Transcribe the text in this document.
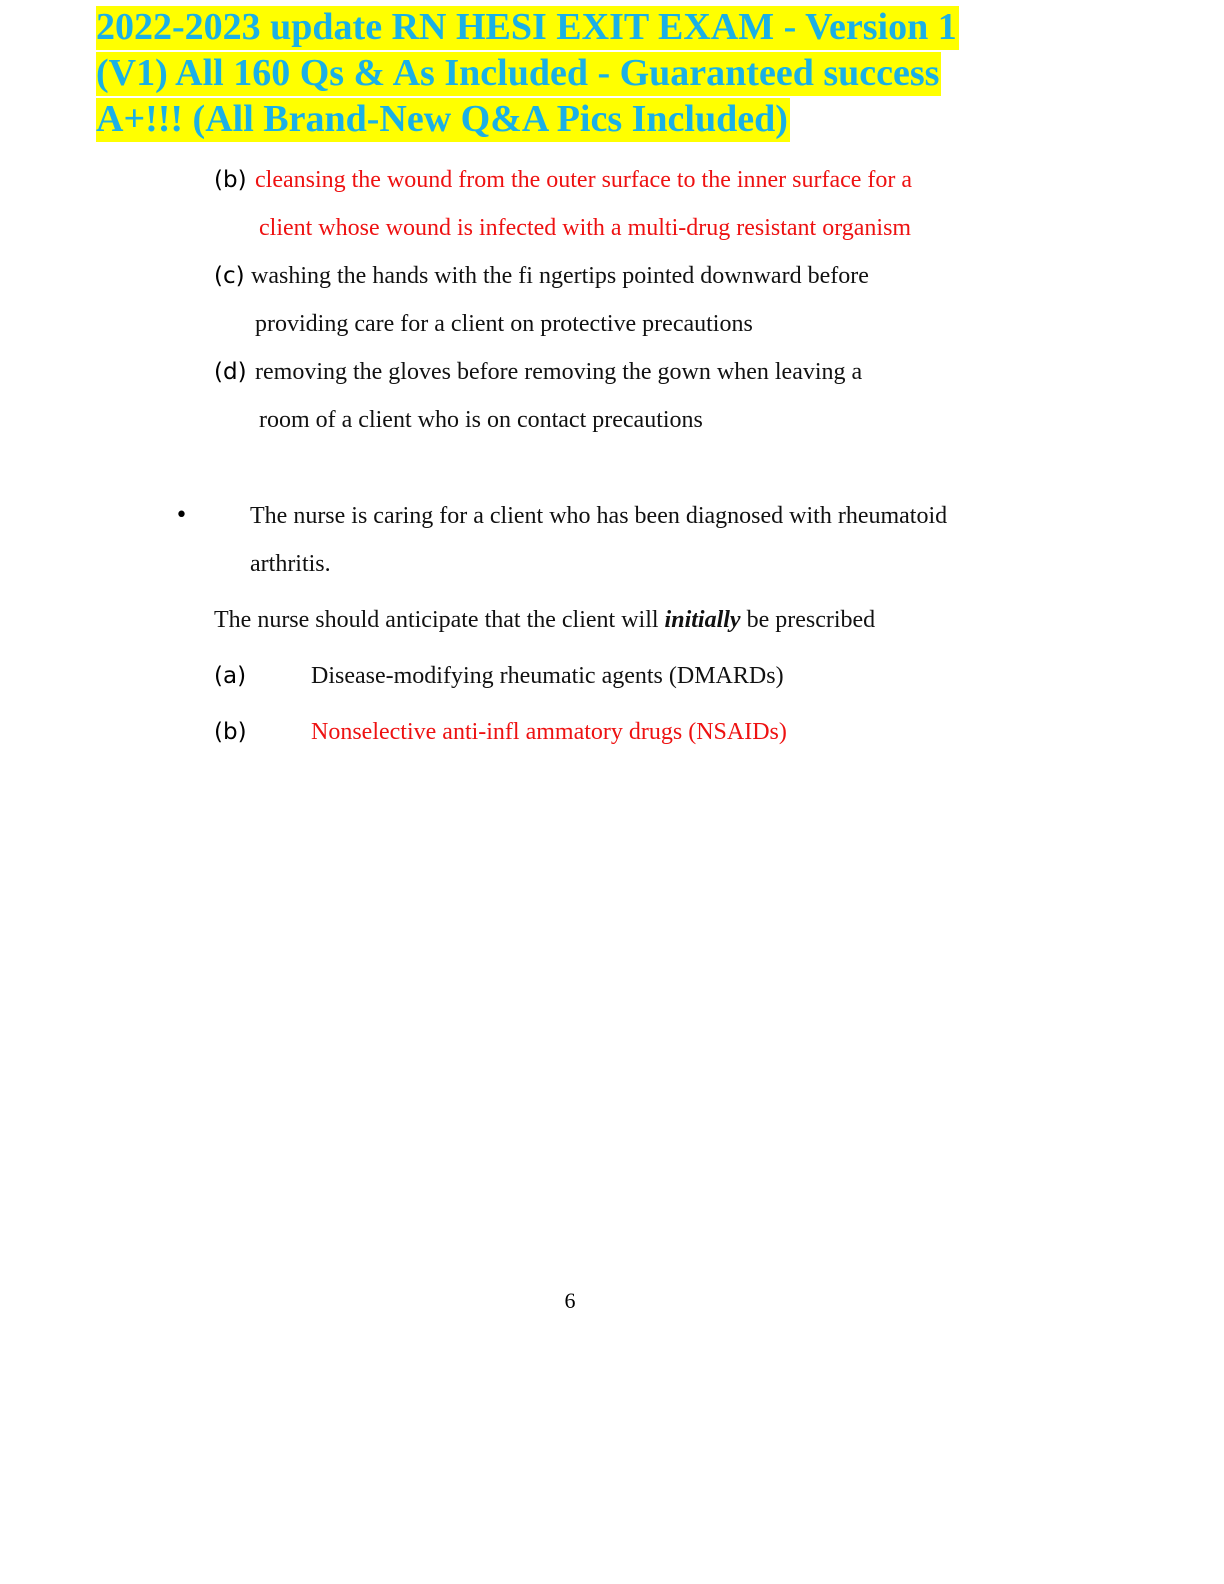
2022-2023 update RN HESI EXIT EXAM - Version 1
(V1) All 160 Qs & As Included - Guaranteed success
A+!!! (All Brand-New Q&A Pics Included)
(b) cleansing the wound from the outer surface to the inner surface for a
client whose wound is infected with a multi-drug resistant organism
(c) washing the hands with the fi ngertips pointed downward before
providing care for a client on protective precautions
(d) removing the gloves before removing the gown when leaving a
room of a client who is on contact precautions
•	The nurse is caring for a client who has been diagnosed with rheumatoid
arthritis.

The nurse should anticipate that the client will initially be prescribed

(a)	Disease-modifying rheumatic agents (DMARDs)
(b)	Nonselective anti-infl ammatory drugs (NSAIDs)
6
